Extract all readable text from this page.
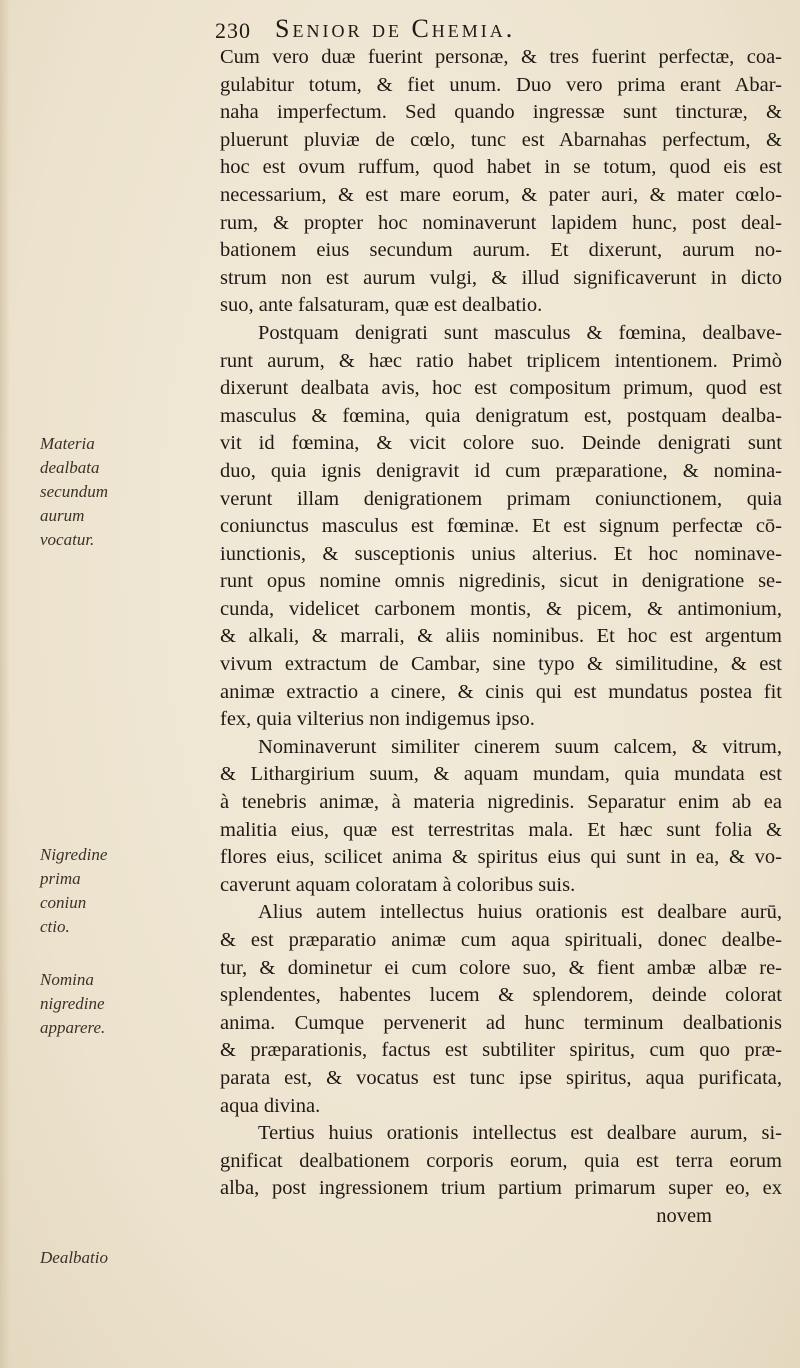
230 Senior de Chemia.
Materia
dealbata
secundum
aurum
vocatur.
Nigredine
prima
coniun
ctio.
Nomina
nigredine
apparere.
Dealbatio
Cum vero duæ fuerint personæ, & tres fuerint perfectæ, coa-
gulabitur totum, & fiet unum. Duo vero prima erant Abar-
naha imperfectum. Sed quando ingressæ sunt tincturæ, &
pluerunt pluviæ de cœlo, tunc est Abarnahas perfectum, &
hoc est ovum ruffum, quod habet in se totum, quod eis est
necessarium, & est mare eorum, & pater auri, & mater cœlo-
rum, & propter hoc nominaverunt lapidem hunc, post deal-
bationem eius secundum aurum. Et dixerunt, aurum no-
strum non est aurum vulgi, & illud significaverunt in dicto
suo, ante falsaturam, quæ est dealbatio.
Postquam denigrati sunt masculus & fœmina, dealbave-
runt aurum, & hæc ratio habet triplicem intentionem. Primò
dixerunt dealbata avis, hoc est compositum primum, quod est
masculus & fœmina, quia denigratum est, postquam dealba-
vit id fœmina, & vicit colore suo. Deinde denigrati sunt
duo, quia ignis denigravit id cum præparatione, & nomina-
verunt illam denigrationem primam coniunctionem, quia
coniunctus masculus est fœminæ. Et est signum perfectæ cō-
iunctionis, & susceptionis unius alterius. Et hoc nominave-
runt opus nomine omnis nigredinis, sicut in denigratione se-
cunda, videlicet carbonem montis, & picem, & antimonium,
& alkali, & marrali, & aliis nominibus. Et hoc est argentum
vivum extractum de Cambar, sine typo & similitudine, & est
animæ extractio a cinere, & cinis qui est mundatus postea fit
fex, quia vilterius non indigemus ipso.
Nominaverunt similiter cinerem suum calcem, & vitrum,
& Lithargirium suum, & aquam mundam, quia mundata est
à tenebris animæ, à materia nigredinis. Separatur enim ab ea
malitia eius, quæ est terrestritas mala. Et hæc sunt folia &
flores eius, scilicet anima & spiritus eius qui sunt in ea, & vo-
caverunt aquam coloratam à coloribus suis.
Alius autem intellectus huius orationis est dealbare aurū,
& est præparatio animæ cum aqua spirituali, donec dealbe-
tur, & dominetur ei cum colore suo, & fient ambæ albæ re-
splendentes, habentes lucem & splendorem, deinde colorat
anima. Cumque pervenerit ad hunc terminum dealbationis
& præparationis, factus est subtiliter spiritus, cum quo præ-
parata est, & vocatus est tunc ipse spiritus, aqua purificata,
aqua divina.
Tertius huius orationis intellectus est dealbare aurum, si-
gnificat dealbationem corporis eorum, quia est terra eorum
alba, post ingressionem trium partium primarum super eo, ex
novem
